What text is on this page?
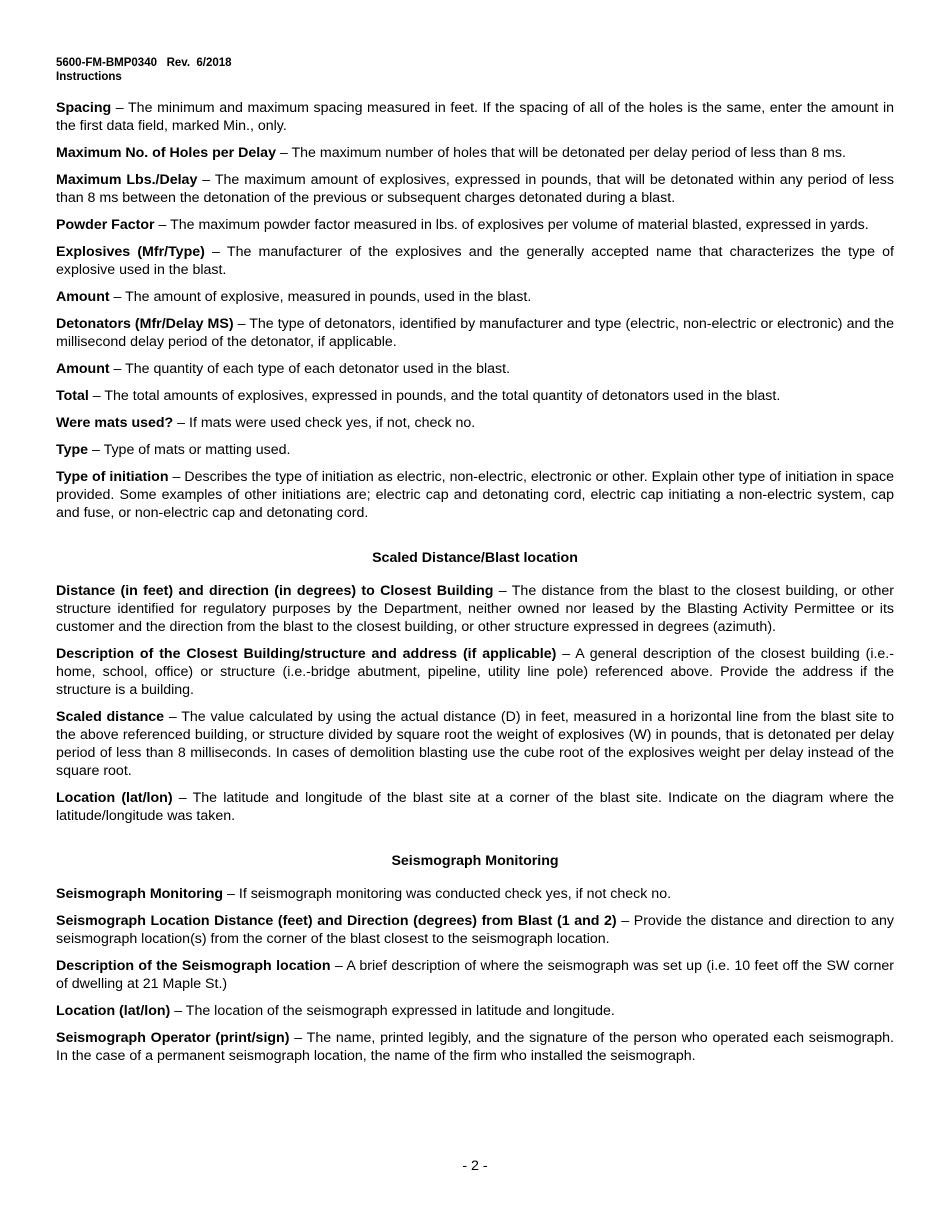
5600-FM-BMP0340   Rev.  6/2018
Instructions

Spacing – The minimum and maximum spacing measured in feet. If the spacing of all of the holes is the same, enter the amount in the first data field, marked Min., only.

Maximum No. of Holes per Delay – The maximum number of holes that will be detonated per delay period of less than 8 ms.

Maximum Lbs./Delay – The maximum amount of explosives, expressed in pounds, that will be detonated within any period of less than 8 ms between the detonation of the previous or subsequent charges detonated during a blast.

Powder Factor – The maximum powder factor measured in lbs. of explosives per volume of material blasted, expressed in yards.

Explosives (Mfr/Type) – The manufacturer of the explosives and the generally accepted name that characterizes the type of explosive used in the blast.

Amount – The amount of explosive, measured in pounds, used in the blast.

Detonators (Mfr/Delay MS) – The type of detonators, identified by manufacturer and type (electric, non-electric or electronic) and the millisecond delay period of the detonator, if applicable.

Amount – The quantity of each type of each detonator used in the blast.

Total – The total amounts of explosives, expressed in pounds, and the total quantity of detonators used in the blast.

Were mats used? – If mats were used check yes, if not, check no.

Type – Type of mats or matting used.

Type of initiation – Describes the type of initiation as electric, non-electric, electronic or other. Explain other type of initiation in space provided. Some examples of other initiations are; electric cap and detonating cord, electric cap initiating a non-electric system, cap and fuse, or non-electric cap and detonating cord.

Scaled Distance/Blast location

Distance (in feet) and direction (in degrees) to Closest Building – The distance from the blast to the closest building, or other structure identified for regulatory purposes by the Department, neither owned nor leased by the Blasting Activity Permittee or its customer and the direction from the blast to the closest building, or other structure expressed in degrees (azimuth).

Description of the Closest Building/structure and address (if applicable) – A general description of the closest building (i.e.-home, school, office) or structure (i.e.-bridge abutment, pipeline, utility line pole) referenced above. Provide the address if the structure is a building.

Scaled distance – The value calculated by using the actual distance (D) in feet, measured in a horizontal line from the blast site to the above referenced building, or structure divided by square root the weight of explosives (W) in pounds, that is detonated per delay period of less than 8 milliseconds. In cases of demolition blasting use the cube root of the explosives weight per delay instead of the square root.

Location (lat/lon) – The latitude and longitude of the blast site at a corner of the blast site. Indicate on the diagram where the latitude/longitude was taken.

Seismograph Monitoring

Seismograph Monitoring – If seismograph monitoring was conducted check yes, if not check no.

Seismograph Location Distance (feet) and Direction (degrees) from Blast (1 and 2) – Provide the distance and direction to any seismograph location(s) from the corner of the blast closest to the seismograph location.

Description of the Seismograph location – A brief description of where the seismograph was set up (i.e. 10 feet off the SW corner of dwelling at 21 Maple St.)

Location (lat/lon) – The location of the seismograph expressed in latitude and longitude.

Seismograph Operator (print/sign) – The name, printed legibly, and the signature of the person who operated each seismograph. In the case of a permanent seismograph location, the name of the firm who installed the seismograph.

- 2 -
